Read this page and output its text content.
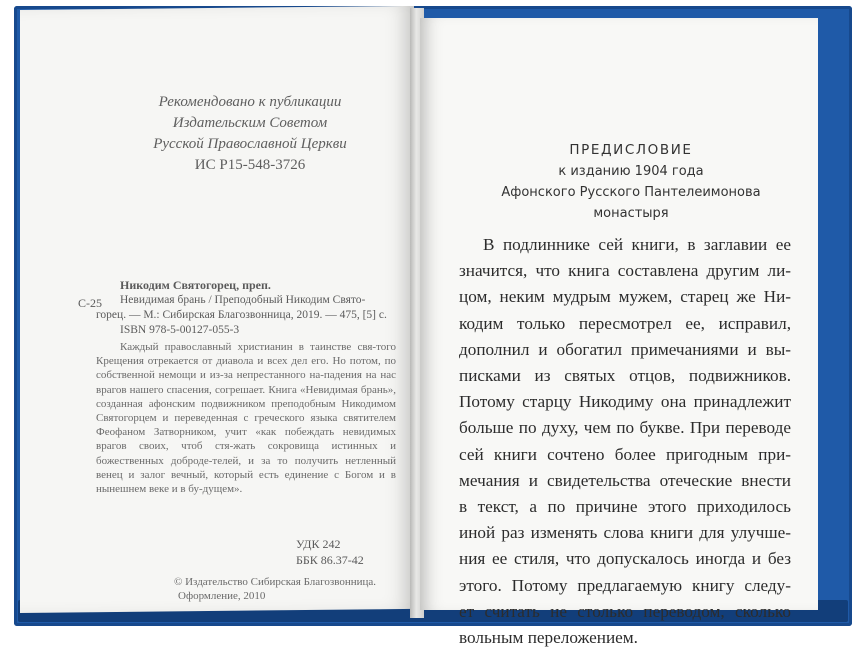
Рекомендовано к публикации
Издательским Советом
Русской Православной Церкви
ИС Р15-548-3726
С-25
Никодим Святогорец, преп.
Невидимая брань / Преподобный Никодим Свято-
горец. — М.: Сибирская Благозвонница, 2019. — 475, [5] с.
ISBN 978-5-00127-055-3

Каждый православный христианин в таинстве свя-того Крещения отрекается от диавола и всех дел его. Но потом, по собственной немощи и из-за непрестанного на-падения на нас врагов нашего спасения, согрешает. Книга «Невидимая брань», созданная афонским подвижником преподобным Никодимом Святогорцем и переведенная с греческого языка святителем Феофаном Затворником, учит «как побеждать невидимых врагов своих, чтоб стя-жать сокровища истинных и божественных доброде-телей, и за то получить нетленный венец и залог вечный, который есть единение с Богом и в нынешнем веке и в бу-дущем».

УДК 242
ББК 86.37-42
© Издательство Сибирская Благозвонница.
Оформление, 2010
ПРЕДИСЛОВИЕ
к изданию 1904 года
Афонского Русского Пантелеимонова
монастыря
В подлиннике сей книги, в заглавии ее
значится, что книга составлена другим ли-
цом, неким мудрым мужем, старец же Ни-
кодим только пересмотрел ее, исправил,
дополнил и обогатил примечаниями и вы-
писками из святых отцов, подвижников.
Потому старцу Никодиму она принадлежит
больше по духу, чем по букве. При переводе
сей книги сочтено более пригодным при-
мечания и свидетельства отеческие внести
в текст, а по причине этого приходилось
иной раз изменять слова книги для улучше-
ния ее стиля, что допускалось иногда и без
этого. Потому предлагаемую книгу следу-
ет считать не столько переводом, сколько
вольным переложением.
